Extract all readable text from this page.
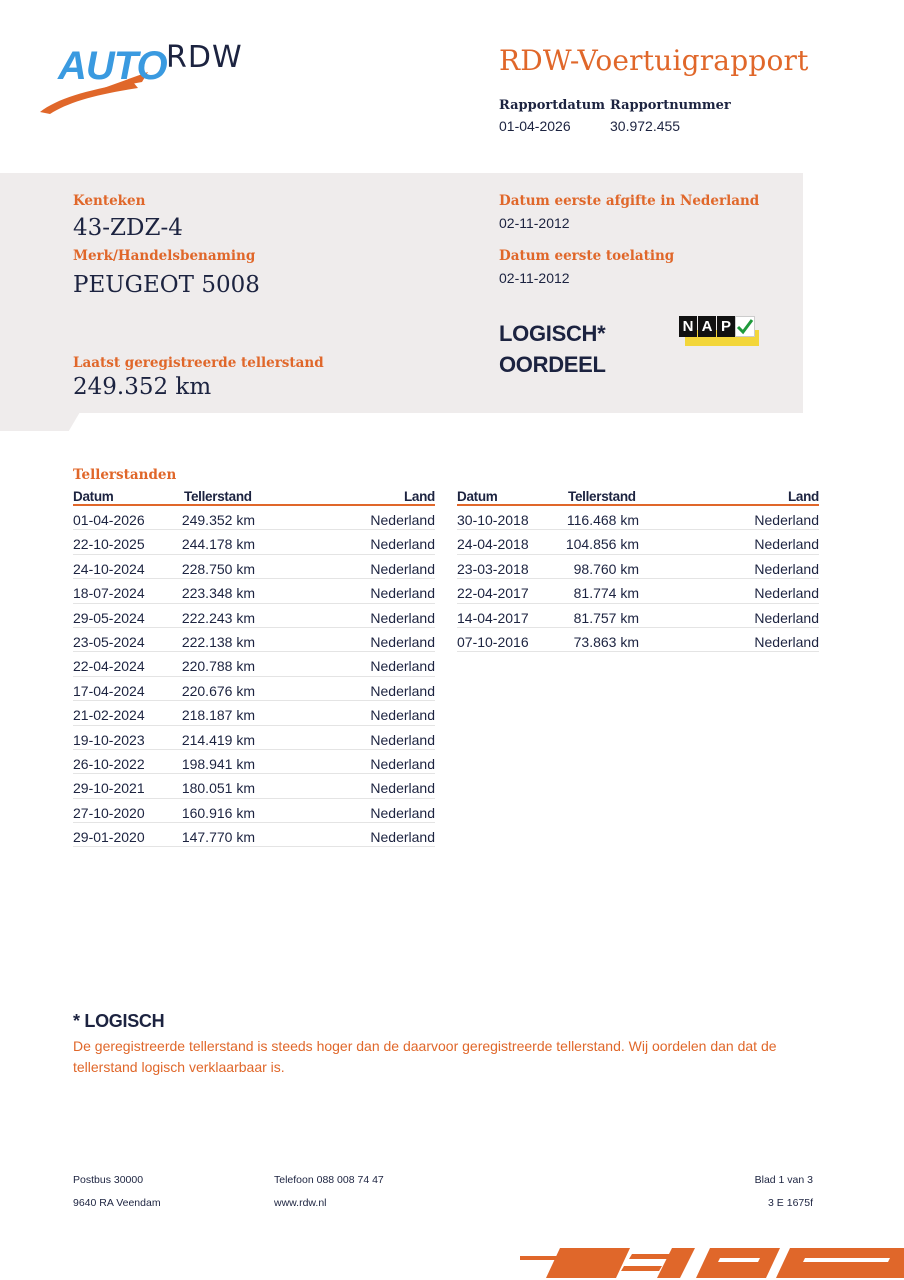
AUTO RDW	RDW-Voertuigrapport
Rapportdatum
01-04-2026
Rapportnummer
30.972.455
Kenteken
43-ZDZ-4
Merk/Handelsbenaming
PEUGEOT 5008
Laatst geregistreerde tellerstand
249.352 km
Datum eerste afgifte in Nederland
02-11-2012
Datum eerste toelating
02-11-2012
LOGISCH*
OORDEEL
N A P
Tellerstanden
Datum	Tellerstand	Land
01-04-2026	249.352 km	Nederland
22-10-2025	244.178 km	Nederland
24-10-2024	228.750 km	Nederland
18-07-2024	223.348 km	Nederland
29-05-2024	222.243 km	Nederland
23-05-2024	222.138 km	Nederland
22-04-2024	220.788 km	Nederland
17-04-2024	220.676 km	Nederland
21-02-2024	218.187 km	Nederland
19-10-2023	214.419 km	Nederland
26-10-2022	198.941 km	Nederland
29-10-2021	180.051 km	Nederland
27-10-2020	160.916 km	Nederland
29-01-2020	147.770 km	Nederland
Datum	Tellerstand	Land
30-10-2018	116.468 km	Nederland
24-04-2018	104.856 km	Nederland
23-03-2018	98.760 km	Nederland
22-04-2017	81.774 km	Nederland
14-04-2017	81.757 km	Nederland
07-10-2016	73.863 km	Nederland
* LOGISCH
De geregistreerde tellerstand is steeds hoger dan de daarvoor geregistreerde tellerstand. Wij oordelen dan dat de tellerstand logisch verklaarbaar is.
Postbus 30000
9640 RA Veendam
Telefoon 088 008 74 47
www.rdw.nl
Blad 1 van 3
3 E 1675f
